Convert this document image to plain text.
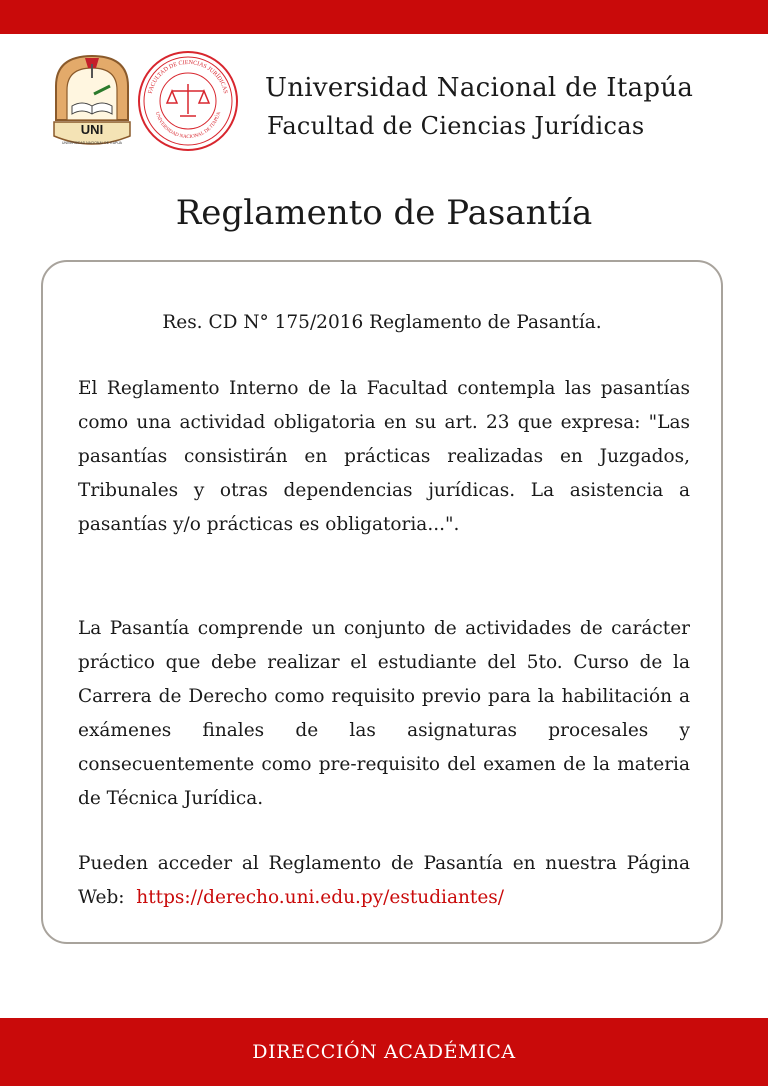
UNI
UNIVERSIDAD NACIONAL DE ITAPÚA
FACULTAD DE CIENCIAS JURÍDICAS
UNIVERSIDAD NACIONAL DE ITAPÚA
Universidad Nacional de Itapúa
Facultad de Ciencias Jurídicas
Reglamento de Pasantía
Res. CD N° 175/2016 Reglamento de Pasantía.

El Reglamento Interno de la Facultad contempla las pasantías como una actividad obligatoria en su art. 23 que expresa: "Las pasantías consistirán en prácticas realizadas en Juzgados, Tribunales y otras dependencias jurídicas. La asistencia a pasantías y/o prácticas es obligatoria...".

La Pasantía comprende un conjunto de actividades de carácter práctico que debe realizar el estudiante del 5to. Curso de la Carrera de Derecho como requisito previo para la habilitación a exámenes finales de las asignaturas procesales y consecuentemente como pre-requisito del examen de la materia de Técnica Jurídica.

Pueden acceder al Reglamento de Pasantía en nuestra Página Web: https://derecho.uni.edu.py/estudiantes/

DIRECCIÓN ACADÉMICA
